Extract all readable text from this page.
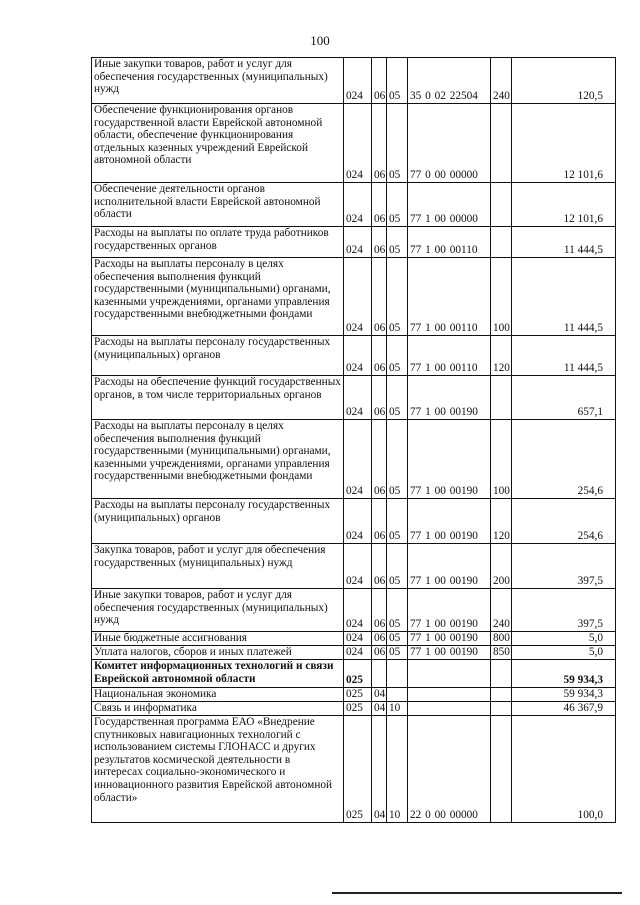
100
Иные закупки товаров, работ и услуг для обеспечения государственных (муниципальных) нужд	024	06	05	35 0 02 22504	240	120,5
Обеспечение функционирования органов государственной власти Еврейской автономной области, обеспечение функционирования отдельных казенных учреждений Еврейской автономной области	024	06	05	77 0 00 00000		12 101,6
Обеспечение деятельности органов исполнительной власти Еврейской автономной области	024	06	05	77 1 00 00000		12 101,6
Расходы на выплаты по оплате труда работников государственных органов	024	06	05	77 1 00 00110		11 444,5
Расходы на выплаты персоналу в целях обеспечения выполнения функций государственными (муниципальными) органами, казенными учреждениями, органами управления государственными внебюджетными фондами	024	06	05	77 1 00 00110	100	11 444,5
Расходы на выплаты персоналу государственных (муниципальных) органов	024	06	05	77 1 00 00110	120	11 444,5
Расходы на обеспечение функций государственных органов, в том числе территориальных органов	024	06	05	77 1 00 00190		657,1
Расходы на выплаты персоналу в целях обеспечения выполнения функций государственными (муниципальными) органами, казенными учреждениями, органами управления государственными внебюджетными фондами	024	06	05	77 1 00 00190	100	254,6
Расходы на выплаты персоналу государственных (муниципальных) органов	024	06	05	77 1 00 00190	120	254,6
Закупка товаров, работ и услуг для обеспечения государственных (муниципальных) нужд	024	06	05	77 1 00 00190	200	397,5
Иные закупки товаров, работ и услуг для обеспечения государственных (муниципальных) нужд	024	06	05	77 1 00 00190	240	397,5
Иные бюджетные ассигнования	024	06	05	77 1 00 00190	800	5,0
Уплата налогов, сборов и иных платежей	024	06	05	77 1 00 00190	850	5,0
Комитет информационных технологий и связи Еврейской автономной области	025					59 934,3
Национальная экономика	025	04				59 934,3
Связь и информатика	025	04	10			46 367,9
Государственная программа ЕАО «Внедрение спутниковых навигационных технологий с использованием системы ГЛОНАСС и других результатов космической деятельности в интересах социально-экономического и инновационного развития Еврейской автономной области»	025	04	10	22 0 00 00000		100,0
